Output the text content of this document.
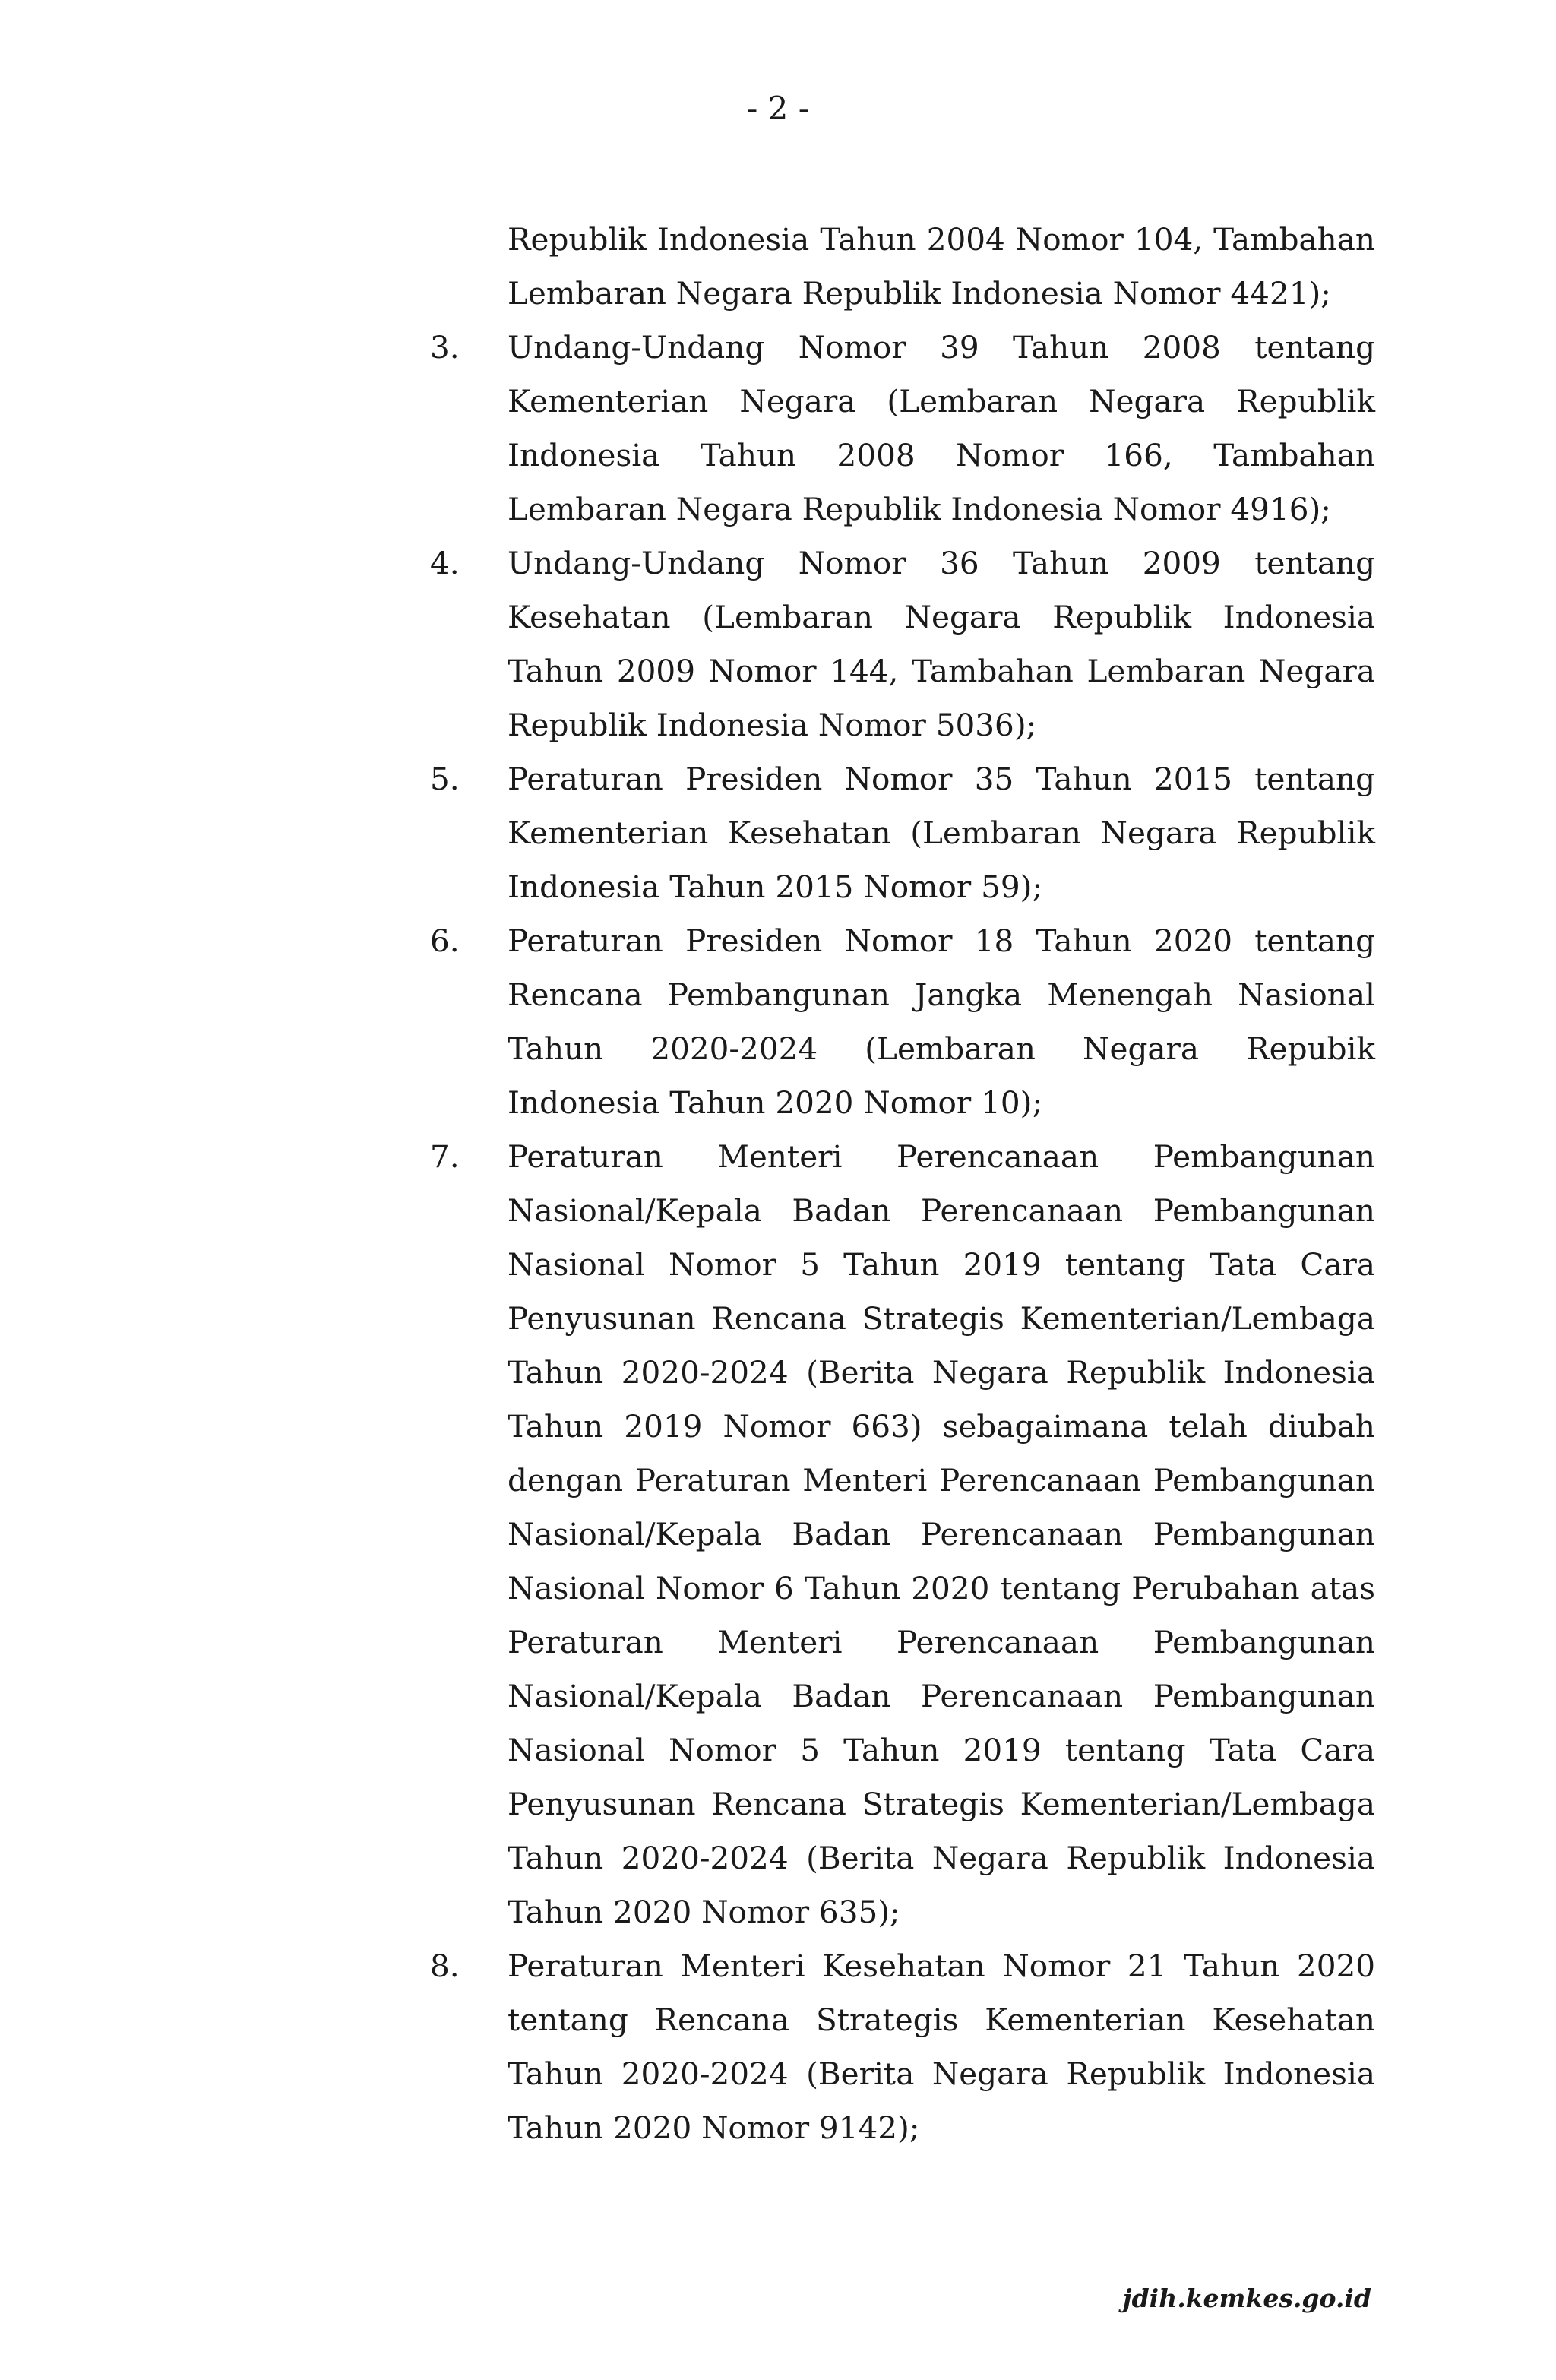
- 2 -
Republik Indonesia Tahun 2004 Nomor 104, Tambahan Lembaran Negara Republik Indonesia Nomor 4421);
3. Undang-Undang Nomor 39 Tahun 2008 tentang Kementerian Negara (Lembaran Negara Republik Indonesia Tahun 2008 Nomor 166, Tambahan Lembaran Negara Republik Indonesia Nomor 4916);
4. Undang-Undang Nomor 36 Tahun 2009 tentang Kesehatan (Lembaran Negara Republik Indonesia Tahun 2009 Nomor 144, Tambahan Lembaran Negara Republik Indonesia Nomor 5036);
5. Peraturan Presiden Nomor 35 Tahun 2015 tentang Kementerian Kesehatan (Lembaran Negara Republik Indonesia Tahun 2015 Nomor 59);
6. Peraturan Presiden Nomor 18 Tahun 2020 tentang Rencana Pembangunan Jangka Menengah Nasional Tahun 2020-2024 (Lembaran Negara Repubik Indonesia Tahun 2020 Nomor 10);
7. Peraturan Menteri Perencanaan Pembangunan Nasional/Kepala Badan Perencanaan Pembangunan Nasional Nomor 5 Tahun 2019 tentang Tata Cara Penyusunan Rencana Strategis Kementerian/Lembaga Tahun 2020-2024 (Berita Negara Republik Indonesia Tahun 2019 Nomor 663) sebagaimana telah diubah dengan Peraturan Menteri Perencanaan Pembangunan Nasional/Kepala Badan Perencanaan Pembangunan Nasional Nomor 6 Tahun 2020 tentang Perubahan atas Peraturan Menteri Perencanaan Pembangunan Nasional/Kepala Badan Perencanaan Pembangunan Nasional Nomor 5 Tahun 2019 tentang Tata Cara Penyusunan Rencana Strategis Kementerian/Lembaga Tahun 2020-2024 (Berita Negara Republik Indonesia Tahun 2020 Nomor 635);
8. Peraturan Menteri Kesehatan Nomor 21 Tahun 2020 tentang Rencana Strategis Kementerian Kesehatan Tahun 2020-2024 (Berita Negara Republik Indonesia Tahun 2020 Nomor 9142);
jdih.kemkes.go.id
